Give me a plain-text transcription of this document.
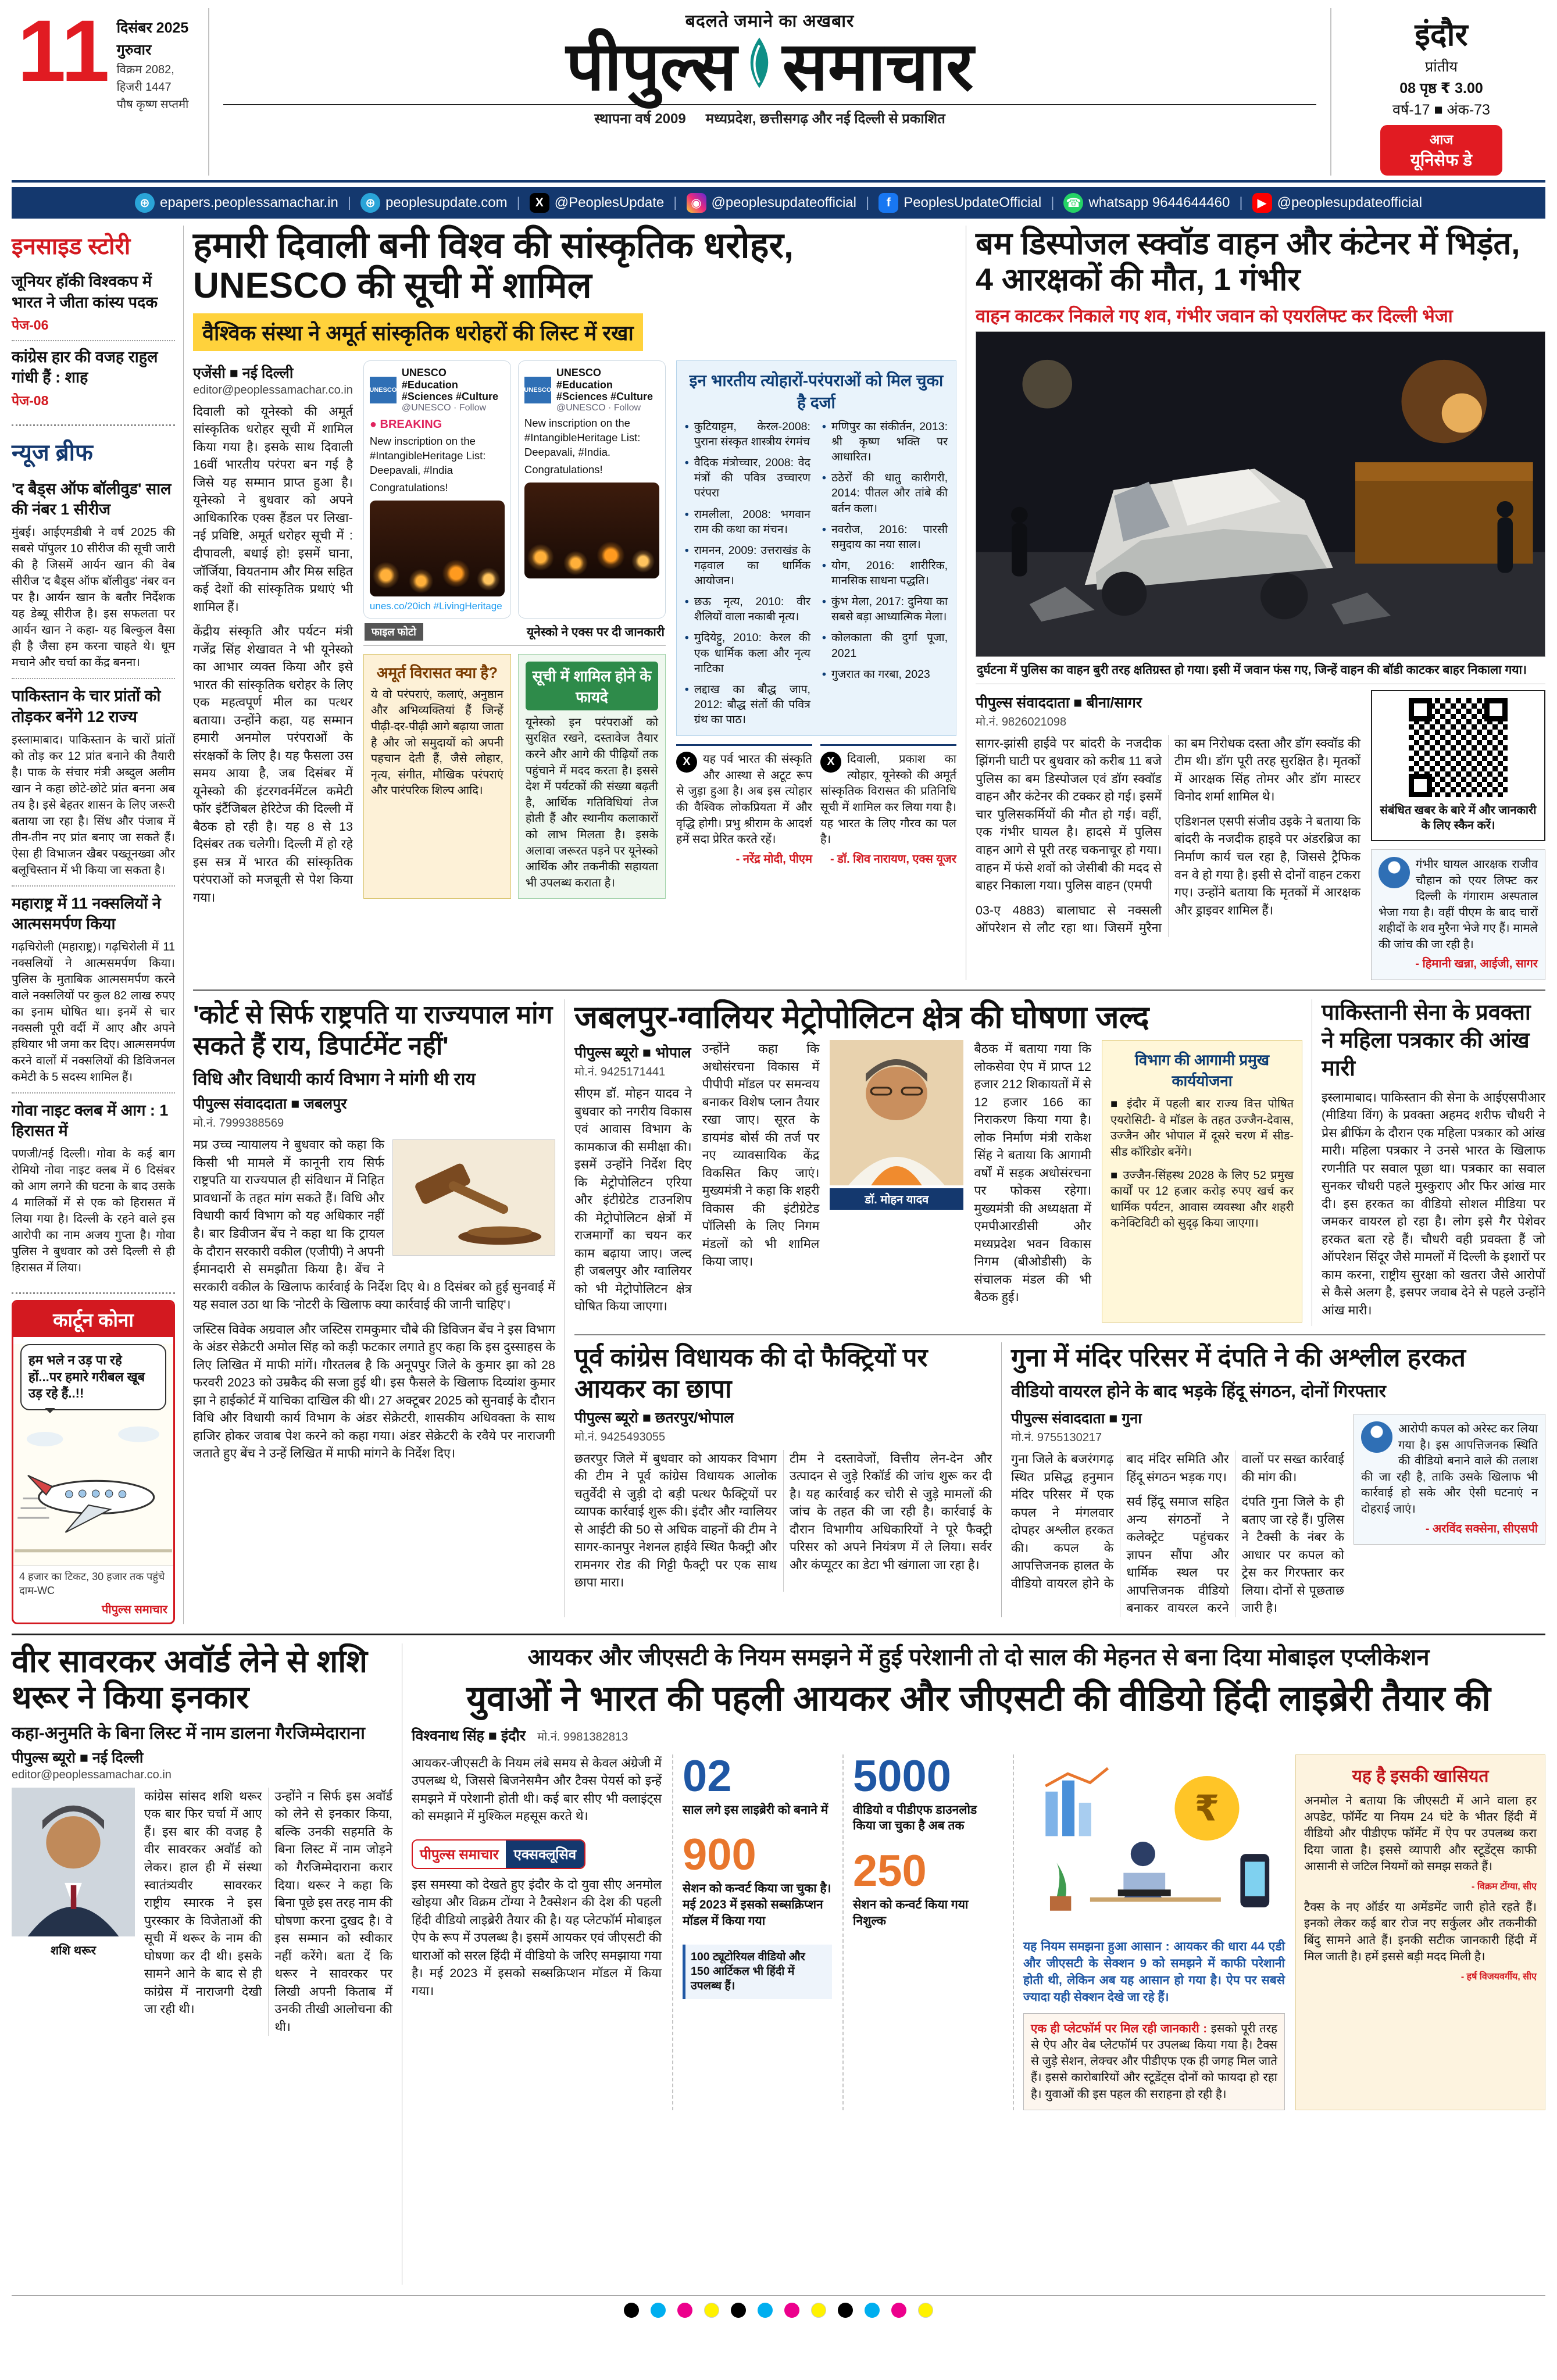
11 दिसंबर 2025
गुरुवार
विक्रम 2082, हिजरी 1447
पौष कृष्ण सप्तमी
बदलते जमाने का अखबार
पीपुल्स समाचार
स्थापना वर्ष 2009 मध्यप्रदेश, छत्तीसगढ़ और नई दिल्ली से प्रकाशित
इंदौर
प्रांतीय
08 पृष्ठ ₹ 3.00
वर्ष-17 ■ अंक-73
आज
यूनिसेफ डे
⊕ epapers.peoplessamachar.in |	⊕ peoplesupdate.com |	X @PeoplesUpdate |	◉ @peoplesupdateofficial |	f PeoplesUpdateOfficial | ☎ whatsapp 9644644460 |	▶ @peoplesupdateofficial
इनसाइड स्टोरी
जूनियर हॉकी विश्वकप में भारत ने जीता कांस्य पदक
पेज-06
कांग्रेस हार की वजह राहुल गांधी हैं : शाह
पेज-08
न्यूज ब्रीफ
'द बैड्स ऑफ बॉलीवुड' साल की नंबर 1 सीरीज

मुंबई। आईएमडीबी ने वर्ष 2025 की सबसे पॉपुलर 10 सीरीज की सूची जारी की है जिसमें आर्यन खान की वेब सीरीज 'द बैड्स ऑफ बॉलीवुड' नंबर वन पर है। आर्यन खान के बतौर निर्देशक यह डेब्यू सीरीज है। इस सफलता पर आर्यन खान ने कहा- यह बिल्कुल वैसा ही है जैसा हम करना चाहते थे। धूम मचाने और चर्चा का केंद्र बनना।

पाकिस्तान के चार प्रांतों को तोड़कर बनेंगे 12 राज्य

इस्लामाबाद। पाकिस्तान के चारों प्रांतों को तोड़ कर 12 प्रांत बनाने की तैयारी है। पाक के संचार मंत्री अब्दुल अलीम खान ने कहा छोटे-छोटे प्रांत बनना अब तय है। इसे बेहतर शासन के लिए जरूरी बताया जा रहा है। सिंध और पंजाब में तीन-तीन नए प्रांत बनाए जा सकते हैं। ऐसा ही विभाजन खैबर पख्तूनख्वा और बलूचिस्तान में भी किया जा सकता है।

महाराष्ट्र में 11 नक्सलियों ने आत्मसमर्पण किया

गढ़चिरोली (महाराष्ट्र)। गढ़चिरोली में 11 नक्सलियों ने आत्मसमर्पण किया। पुलिस के मुताबिक आत्मसमर्पण करने वाले नक्सलियों पर कुल 82 लाख रुपए का इनाम घोषित था। इनमें से चार नक्सली पूरी वर्दी में आए और अपने हथियार भी जमा कर दिए। आत्मसमर्पण करने वालों में नक्सलियों की डिविजनल कमेटी के 5 सदस्य शामिल हैं।

गोवा नाइट क्लब में आग : 1 हिरासत में

पणजी/नई दिल्ली। गोवा के कई बाग रोमियो नोवा नाइट क्लब में 6 दिसंबर को आग लगने की घटना के बाद उसके 4 मालिकों में से एक को हिरासत में लिया गया है। दिल्ली के रहने वाले इस आरोपी का नाम अजय गुप्ता है। गोवा पुलिस ने बुधवार को उसे दिल्ली से ही हिरासत में लिया।

कार्टून कोना
हम भले न उड़ पा रहे हों...पर हमारे गरीबल खूब उड़ रहे हैं..!!
4 हजार का टिकट, 30 हजार तक पहुंचे दाम-WC
पीपुल्स समाचार
हमारी दिवाली बनी विश्व की सांस्कृतिक धरोहर, UNESCO की सूची में शामिल
वैश्विक संस्था ने अमूर्त सांस्कृतिक धरोहरों की लिस्ट में रखा
एजेंसी ■ नई दिल्ली
editor@peoplessamachar.co.in

दिवाली को यूनेस्को की अमूर्त सांस्कृतिक धरोहर सूची में शामिल किया गया है। इसके साथ दिवाली 16वीं भारतीय परंपरा बन गई है जिसे यह सम्मान प्राप्त हुआ है। यूनेस्को ने बुधवार को अपने आधिकारिक एक्स हैंडल पर लिखा- नई प्रविष्टि, अमूर्त धरोहर सूची में : दीपावली, बधाई हो! इसमें घाना, जॉर्जिया, वियतनाम और मिस्र सहित कई देशों की सांस्कृतिक प्रथाएं भी शामिल हैं।

केंद्रीय संस्कृति और पर्यटन मंत्री गजेंद्र सिंह शेखावत ने भी यूनेस्को का आभार व्यक्त किया और इसे भारत की सांस्कृतिक धरोहर के लिए एक महत्वपूर्ण मील का पत्थर बताया। उन्होंने कहा, यह सम्मान हमारी अनमोल परंपराओं के संरक्षकों के लिए है। यह फैसला उस समय आया है, जब दिसंबर में यूनेस्को की इंटरगवर्नमेंटल कमेटी फॉर इंटैंजिबल हेरिटेज की दिल्ली में बैठक हो रही है। यह 8 से 13 दिसंबर तक चलेगी। दिल्ली में हो रहे इस सत्र में भारत की सांस्कृतिक परंपराओं को मजबूती से पेश किया गया।

UNESCO
UNESCO #Education #Sciences #Culture
@UNESCO · Follow
● BREAKING
New inscription on the #IntangibleHeritage List: Deepavali, #India
Congratulations!
unes.co/20ich #LivingHeritage
UNESCO
UNESCO #Education #Sciences #Culture
@UNESCO · Follow
New inscription on the #IntangibleHeritage List: Deepavali, #India.
Congratulations!
फाइल फोटो	यूनेस्को ने एक्स पर दी जानकारी
अमूर्त विरासत क्या है?

ये वो परंपराएं, कलाएं, अनुष्ठान और अभिव्यक्तियां हैं जिन्हें पीढ़ी-दर-पीढ़ी आगे बढ़ाया जाता है और जो समुदायों को अपनी पहचान देती हैं, जैसे लोहार, नृत्य, संगीत, मौखिक परंपराएं और पारंपरिक शिल्प आदि।

सूची में शामिल होने के फायदे

यूनेस्को इन परंपराओं को सुरक्षित रखने, दस्तावेज तैयार करने और आगे की पीढ़ियों तक पहुंचाने में मदद करता है। इससे देश में पर्यटकों की संख्या बढ़ती है, आर्थिक गतिविधियां तेज होती हैं और स्थानीय कलाकारों को लाभ मिलता है। इसके अलावा जरूरत पड़ने पर यूनेस्को आर्थिक और तकनीकी सहायता भी उपलब्ध कराता है।

इन भारतीय त्योहारों-परंपराओं को मिल चुका है दर्जा
• कुटियाट्टम, केरल-2008: पुराना संस्कृत शास्त्रीय रंगमंच
• वैदिक मंत्रोच्चार, 2008: वेद मंत्रों की पवित्र उच्चारण परंपरा
• रामलीला, 2008: भगवान राम की कथा का मंचन।
• रामनन, 2009: उत्तराखंड के गढ़वाल का धार्मिक आयोजन।
• छऊ नृत्य, 2010: वीर शैलियों वाला नकाबी नृत्य।
• मुदियेट्टु, 2010: केरल की एक धार्मिक कला और नृत्य नाटिका
• लद्दाख का बौद्ध जाप, 2012: बौद्ध संतों की पवित्र ग्रंथ का पाठ।
• मणिपुर का संकीर्तन, 2013: श्री कृष्ण भक्ति पर आधारित।
• ठठेरों की धातु कारीगरी, 2014: पीतल और तांबे की बर्तन कला।
• नवरोज, 2016: पारसी समुदाय का नया साल।
• योग, 2016: शारीरिक, मानसिक साधना पद्धति।
• कुंभ मेला, 2017: दुनिया का सबसे बड़ा आध्यात्मिक मेला।
• कोलकाता की दुर्गा पूजा, 2021
• गुजरात का गरबा, 2023
X	यह पर्व भारत की संस्कृति और आस्था से अटूट रूप से जुड़ा हुआ है। अब इस त्योहार की वैश्विक लोकप्रियता में और वृद्धि होगी। प्रभु श्रीराम के आदर्श हमें सदा प्रेरित करते रहें।
- नरेंद्र मोदी, पीएम
X	दिवाली, प्रकाश का त्योहार, यूनेस्को की अमूर्त सांस्कृतिक विरासत की प्रतिनिधि सूची में शामिल कर लिया गया है। यह भारत के लिए गौरव का पल है।
- डॉ. शिव नारायण, एक्स यूजर
बम डिस्पोजल स्क्वॉड वाहन और कंटेनर में भिड़ंत, 4 आरक्षकों की मौत, 1 गंभीर
वाहन काटकर निकाले गए शव, गंभीर जवान को एयरलिफ्ट कर दिल्ली भेजा
दुर्घटना में पुलिस का वाहन बुरी तरह क्षतिग्रस्त हो गया। इसी में जवान फंस गए, जिन्हें वाहन की बॉडी काटकर बाहर निकाला गया।
पीपुल्स संवाददाता ■ बीना/सागर
मो.नं. 9826021098

सागर-झांसी हाईवे पर बांदरी के नजदीक झिंगनी घाटी पर बुधवार को करीब 11 बजे पुलिस का बम डिस्पोजल एवं डॉग स्क्वॉड वाहन और कंटेनर की टक्कर हो गई। इसमें चार पुलिसकर्मियों की मौत हो गई। वहीं, एक गंभीर घायल है। हादसे में पुलिस वाहन आगे से पूरी तरह चकनाचूर हो गया। वाहन में फंसे शवों को जेसीबी की मदद से बाहर निकाला गया। पुलिस वाहन (एमपी

03-ए 4883) बालाघाट से नक्सली ऑपरेशन से लौट रहा था। जिसमें मुरैना का बम निरोधक दस्ता और डॉग स्क्वॉड की टीम थी। डॉग पूरी तरह सुरक्षित है। मृतकों में आरक्षक सिंह तोमर और डॉग मास्टर विनोद शर्मा शामिल थे।

एडिशनल एसपी संजीव उइके ने बताया कि बांदरी के नजदीक हाइवे पर अंडरब्रिज का निर्माण कार्य चल रहा है, जिससे ट्रैफिक वन वे हो गया है। इसी से दोनों वाहन टकरा गए। उन्होंने बताया कि मृतकों में आरक्षक और ड्राइवर शामिल हैं।

संबंधित खबर के बारे में और जानकारी के लिए स्कैन करें।
गंभीर घायल आरक्षक राजीव चौहान को एयर लिफ्ट कर दिल्ली के गंगाराम अस्पताल भेजा गया है। वहीं पीएम के बाद चारों शहीदों के शव मुरैना भेजे गए हैं। मामले की जांच की जा रही है।
- हिमानी खन्ना, आईजी, सागर
'कोर्ट से सिर्फ राष्ट्रपति या राज्यपाल मांग सकते हैं राय, डिपार्टमेंट नहीं'
विधि और विधायी कार्य विभाग ने मांगी थी राय
पीपुल्स संवाददाता ■ जबलपुर
मो.नं. 7999388569

मप्र उच्च न्यायालय ने बुधवार को कहा कि किसी भी मामले में कानूनी राय सिर्फ राष्ट्रपति या राज्यपाल ही संविधान में निहित प्रावधानों के तहत मांग सकते हैं। विधि और विधायी कार्य विभाग को यह अधिकार नहीं है। बार डिवीजन बेंच ने कहा था कि ट्रायल के दौरान सरकारी वकील (एजीपी) ने अपनी ईमानदारी से समझौता किया है। बेंच ने सरकारी वकील के खिलाफ कार्रवाई के निर्देश दिए थे। 8 दिसंबर को हुई सुनवाई में यह सवाल उठा था कि 'नोटरी के खिलाफ क्या कार्रवाई की जानी चाहिए'।

जस्टिस विवेक अग्रवाल और जस्टिस रामकुमार चौबे की डिविजन बेंच ने इस विभाग के अंडर सेक्रेटरी अमोल सिंह को कड़ी फटकार लगाते हुए कहा कि इस दुस्साहस के लिए लिखित में माफी मांगें। गौरतलब है कि अनूपपुर जिले के कुमार झा को 28 फरवरी 2023 को उम्रकैद की सजा हुई थी। इस फैसले के खिलाफ दिव्यांश कुमार झा ने हाईकोर्ट में याचिका दाखिल की थी। 27 अक्टूबर 2025 को सुनवाई के दौरान विधि और विधायी कार्य विभाग के अंडर सेक्रेटरी, शासकीय अधिवक्ता के साथ हाजिर होकर जवाब पेश करने को कहा गया। अंडर सेक्रेटरी के रवैये पर नाराजगी जताते हुए बेंच ने उन्हें लिखित में माफी मांगने के निर्देश दिए।

जबलपुर-ग्वालियर मेट्रोपोलिटन क्षेत्र की घोषणा जल्द
पीपुल्स ब्यूरो ■ भोपाल
मो.नं. 9425171441

सीएम डॉ. मोहन यादव ने बुधवार को नगरीय विकास एवं आवास विभाग के कामकाज की समीक्षा की। इसमें उन्होंने निर्देश दिए कि मेट्रोपोलिटन एरिया और इंटीग्रेटेड टाउनशिप की मेट्रोपोलिटन क्षेत्रों में राजमार्गों का चयन कर काम बढ़ाया जाए। जल्द ही जबलपुर और ग्वालियर को भी मेट्रोपोलिटन क्षेत्र घोषित किया जाएगा।

उन्होंने कहा कि अधोसंरचना विकास में पीपीपी मॉडल पर समन्वय बनाकर विशेष प्लान तैयार रखा जाए। सूरत के डायमंड बोर्स की तर्ज पर नए व्यावसायिक केंद्र विकसित किए जाएं। मुख्यमंत्री ने कहा कि शहरी विकास की इंटीग्रेटेड पॉलिसी के लिए निगम मंडलों को भी शामिल किया जाए।

डॉ. मोहन यादव

बैठक में बताया गया कि लोकसेवा ऐप में प्राप्त 12 हजार 212 शिकायतों में से 12 हजार 166 का निराकरण किया गया है। लोक निर्माण मंत्री राकेश सिंह ने बताया कि आगामी वर्षों में सड़क अधोसंरचना पर फोकस रहेगा। मुख्यमंत्री की अध्यक्षता में एमपीआरडीसी और मध्यप्रदेश भवन विकास निगम (बीओडीसी) के संचालक मंडल की भी बैठक हुई।

विभाग की आगामी प्रमुख कार्ययोजना
■ इंदौर में पहली बार राज्य वित्त पोषित एयरोसिटी- वे मॉडल के तहत उज्जैन-देवास, उज्जैन और भोपाल में दूसरे चरण में सीड-सीड कॉरिडोर बनेंगे।
■ उज्जैन-सिंहस्थ 2028 के लिए 52 प्रमुख कार्यों पर 12 हजार करोड़ रुपए खर्च कर धार्मिक पर्यटन, आवास व्यवस्था और शहरी कनेक्टिविटी को सुदृढ़ किया जाएगा।
पाकिस्तानी सेना के प्रवक्ता ने महिला पत्रकार की आंख मारी

इस्लामाबाद। पाकिस्तान की सेना के आईएसपीआर (मीडिया विंग) के प्रवक्ता अहमद शरीफ चौधरी ने प्रेस ब्रीफिंग के दौरान एक महिला पत्रकार को आंख मारी। महिला पत्रकार ने उनसे भारत के खिलाफ रणनीति पर सवाल पूछा था। पत्रकार का सवाल सुनकर चौधरी पहले मुस्कुराए और फिर आंख मार दी। इस हरकत का वीडियो सोशल मीडिया पर जमकर वायरल हो रहा है। लोग इसे गैर पेशेवर हरकत बता रहे हैं। चौधरी वही प्रवक्ता हैं जो ऑपरेशन सिंदूर जैसे मामलों में दिल्ली के इशारों पर काम करना, राष्ट्रीय सुरक्षा को खतरा जैसे आरोपों से कैसे अलग है, इसपर जवाब देने से पहले उन्होंने आंख मारी।

पूर्व कांग्रेस विधायक की दो फैक्ट्रियों पर आयकर का छापा
पीपुल्स ब्यूरो ■ छतरपुर/भोपाल
मो.नं. 9425493055

छतरपुर जिले में बुधवार को आयकर विभाग की टीम ने पूर्व कांग्रेस विधायक आलोक चतुर्वेदी से जुड़ी दो बड़ी पत्थर फैक्ट्रियों पर व्यापक कार्रवाई शुरू की। इंदौर और ग्वालियर से आईटी की 50 से अधिक वाहनों की टीम ने सागर-कानपुर नेशनल हाईवे स्थित फैक्ट्री और रामनगर रोड की गिट्टी फैक्ट्री पर एक साथ छापा मारा।

टीम ने दस्तावेजों, वित्तीय लेन-देन और उत्पादन से जुड़े रिकॉर्ड की जांच शुरू कर दी है। यह कार्रवाई कर चोरी से जुड़े मामलों की जांच के तहत की जा रही है। कार्रवाई के दौरान विभागीय अधिकारियों ने पूरे फैक्ट्री परिसर को अपने नियंत्रण में ले लिया। सर्वर और कंप्यूटर का डेटा भी खंगाला जा रहा है।

गुना में मंदिर परिसर में दंपति ने की अश्लील हरकत
वीडियो वायरल होने के बाद भड़के हिंदू संगठन, दोनों गिरफ्तार
पीपुल्स संवाददाता ■ गुना
मो.नं. 9755130217

गुना जिले के बजरंगगढ़ स्थित प्रसिद्ध हनुमान मंदिर परिसर में एक कपल ने मंगलवार दोपहर अश्लील हरकत की। कपल के आपत्तिजनक हालत के वीडियो वायरल होने के बाद मंदिर समिति और हिंदू संगठन भड़क गए।

सर्व हिंदू समाज सहित अन्य संगठनों ने कलेक्ट्रेट पहुंचकर ज्ञापन सौंपा और धार्मिक स्थल पर आपत्तिजनक वीडियो बनाकर वायरल करने वालों पर सख्त कार्रवाई की मांग की।

दंपति गुना जिले के ही बताए जा रहे हैं। पुलिस ने टैक्सी के नंबर के आधार पर कपल को ट्रेस कर गिरफ्तार कर लिया। दोनों से पूछताछ जारी है।

आरोपी कपल को अरेस्ट कर लिया गया है। इस आपत्तिजनक स्थिति की वीडियो बनाने वाले की तलाश की जा रही है, ताकि उसके खिलाफ भी कार्रवाई हो सके और ऐसी घटनाएं न दोहराई जाएं।
- अरविंद सक्सेना, सीएसपी
वीर सावरकर अवॉर्ड लेने से शशि थरूर ने किया इनकार
कहा-अनुमति के बिना लिस्ट में नाम डालना गैरजिम्मेदाराना
पीपुल्स ब्यूरो ■ नई दिल्ली
editor@peoplessamachar.co.in
शशि थरूर

कांग्रेस सांसद शशि थरूर एक बार फिर चर्चा में आए हैं। इस बार की वजह है वीर सावरकर अवॉर्ड को लेकर। हाल ही में संस्था स्वातंत्र्यवीर सावरकर राष्ट्रीय स्मारक ने इस पुरस्कार के विजेताओं की सूची में थरूर के नाम की घोषणा कर दी थी। इसके सामने आने के बाद से ही कांग्रेस में नाराजगी देखी जा रही थी।

उन्होंने न सिर्फ इस अवॉर्ड को लेने से इनकार किया, बल्कि उनकी सहमति के बिना लिस्ट में नाम जोड़ने को गैरजिम्मेदाराना करार दिया। थरूर ने कहा कि बिना पूछे इस तरह नाम की घोषणा करना दुखद है। वे इस सम्मान को स्वीकार नहीं करेंगे। बता दें कि थरूर ने सावरकर पर लिखी अपनी किताब में उनकी तीखी आलोचना की थी।

आयकर और जीएसटी के नियम समझने में हुई परेशानी तो दो साल की मेहनत से बना दिया मोबाइल एप्लीकेशन
युवाओं ने भारत की पहली आयकर और जीएसटी की वीडियो हिंदी लाइब्रेरी तैयार की
विश्वनाथ सिंह ■ इंदौर मो.नं. 9981382813

आयकर-जीएसटी के नियम लंबे समय से केवल अंग्रेजी में उपलब्ध थे, जिससे बिजनेसमैन और टैक्स पेयर्स को इन्हें समझने में परेशानी होती थी। कई बार सीए भी क्लाइंट्स को समझाने में मुश्किल महसूस करते थे।

पीपुल्स समाचार	एक्सक्लूसिव

इस समस्या को देखते हुए इंदौर के दो युवा सीए अनमोल खोइया और विक्रम टोंग्या ने टैक्सेशन की देश की पहली हिंदी वीडियो लाइब्रेरी तैयार की है। यह प्लेटफॉर्म मोबाइल ऐप के रूप में उपलब्ध है। इसमें आयकर एवं जीएसटी की धाराओं को सरल हिंदी में वीडियो के जरिए समझाया गया है। मई 2023 में इसको सब्सक्रिप्शन मॉडल में किया गया।

02
साल लगे इस लाइब्रेरी को बनाने में
900
सेशन को कन्वर्ट किया जा चुका है। मई 2023 में इसको सब्सक्रिप्शन मॉडल में किया गया
100 ट्यूटोरियल वीडियो और 150 आर्टिकल भी हिंदी में उपलब्ध हैं।
5000
वीडियो व पीडीएफ डाउनलोड किया जा चुका है अब तक
250
सेशन को कन्वर्ट किया गया निशुल्क
₹
यह नियम समझना हुआ आसान : आयकर की धारा 44 एडी और जीएसटी के सेक्शन 9 को समझने में काफी परेशानी होती थी, लेकिन अब यह आसान हो गया है। ऐप पर सबसे ज्यादा यही सेक्शन देखे जा रहे हैं।
एक ही प्लेटफॉर्म पर मिल रही जानकारी : इसको पूरी तरह से ऐप और वेब प्लेटफॉर्म पर उपलब्ध किया गया है। टैक्स से जुड़े सेशन, लेक्चर और पीडीएफ एक ही जगह मिल जाते हैं। इससे कारोबारियों और स्टूडेंट्स दोनों को फायदा हो रहा है। युवाओं की इस पहल की सराहना हो रही है।
यह है इसकी खासियत

अनमोल ने बताया कि जीएसटी में आने वाला हर अपडेट, फॉर्मेट या नियम 24 घंटे के भीतर हिंदी में वीडियो और पीडीएफ फॉर्मेट में ऐप पर उपलब्ध करा दिया जाता है। इससे व्यापारी और स्टूडेंट्स काफी आसानी से जटिल नियमों को समझ सकते हैं।

- विक्रम टोंग्या, सीए

टैक्स के नए ऑर्डर या अमेंडमेंट जारी होते रहते हैं। इनको लेकर कई बार रोज नए सर्कुलर और तकनीकी बिंदु सामने आते हैं। इनकी सटीक जानकारी हिंदी में मिल जाती है। हमें इससे बड़ी मदद मिली है।

- हर्ष विजयवर्गीय, सीए
